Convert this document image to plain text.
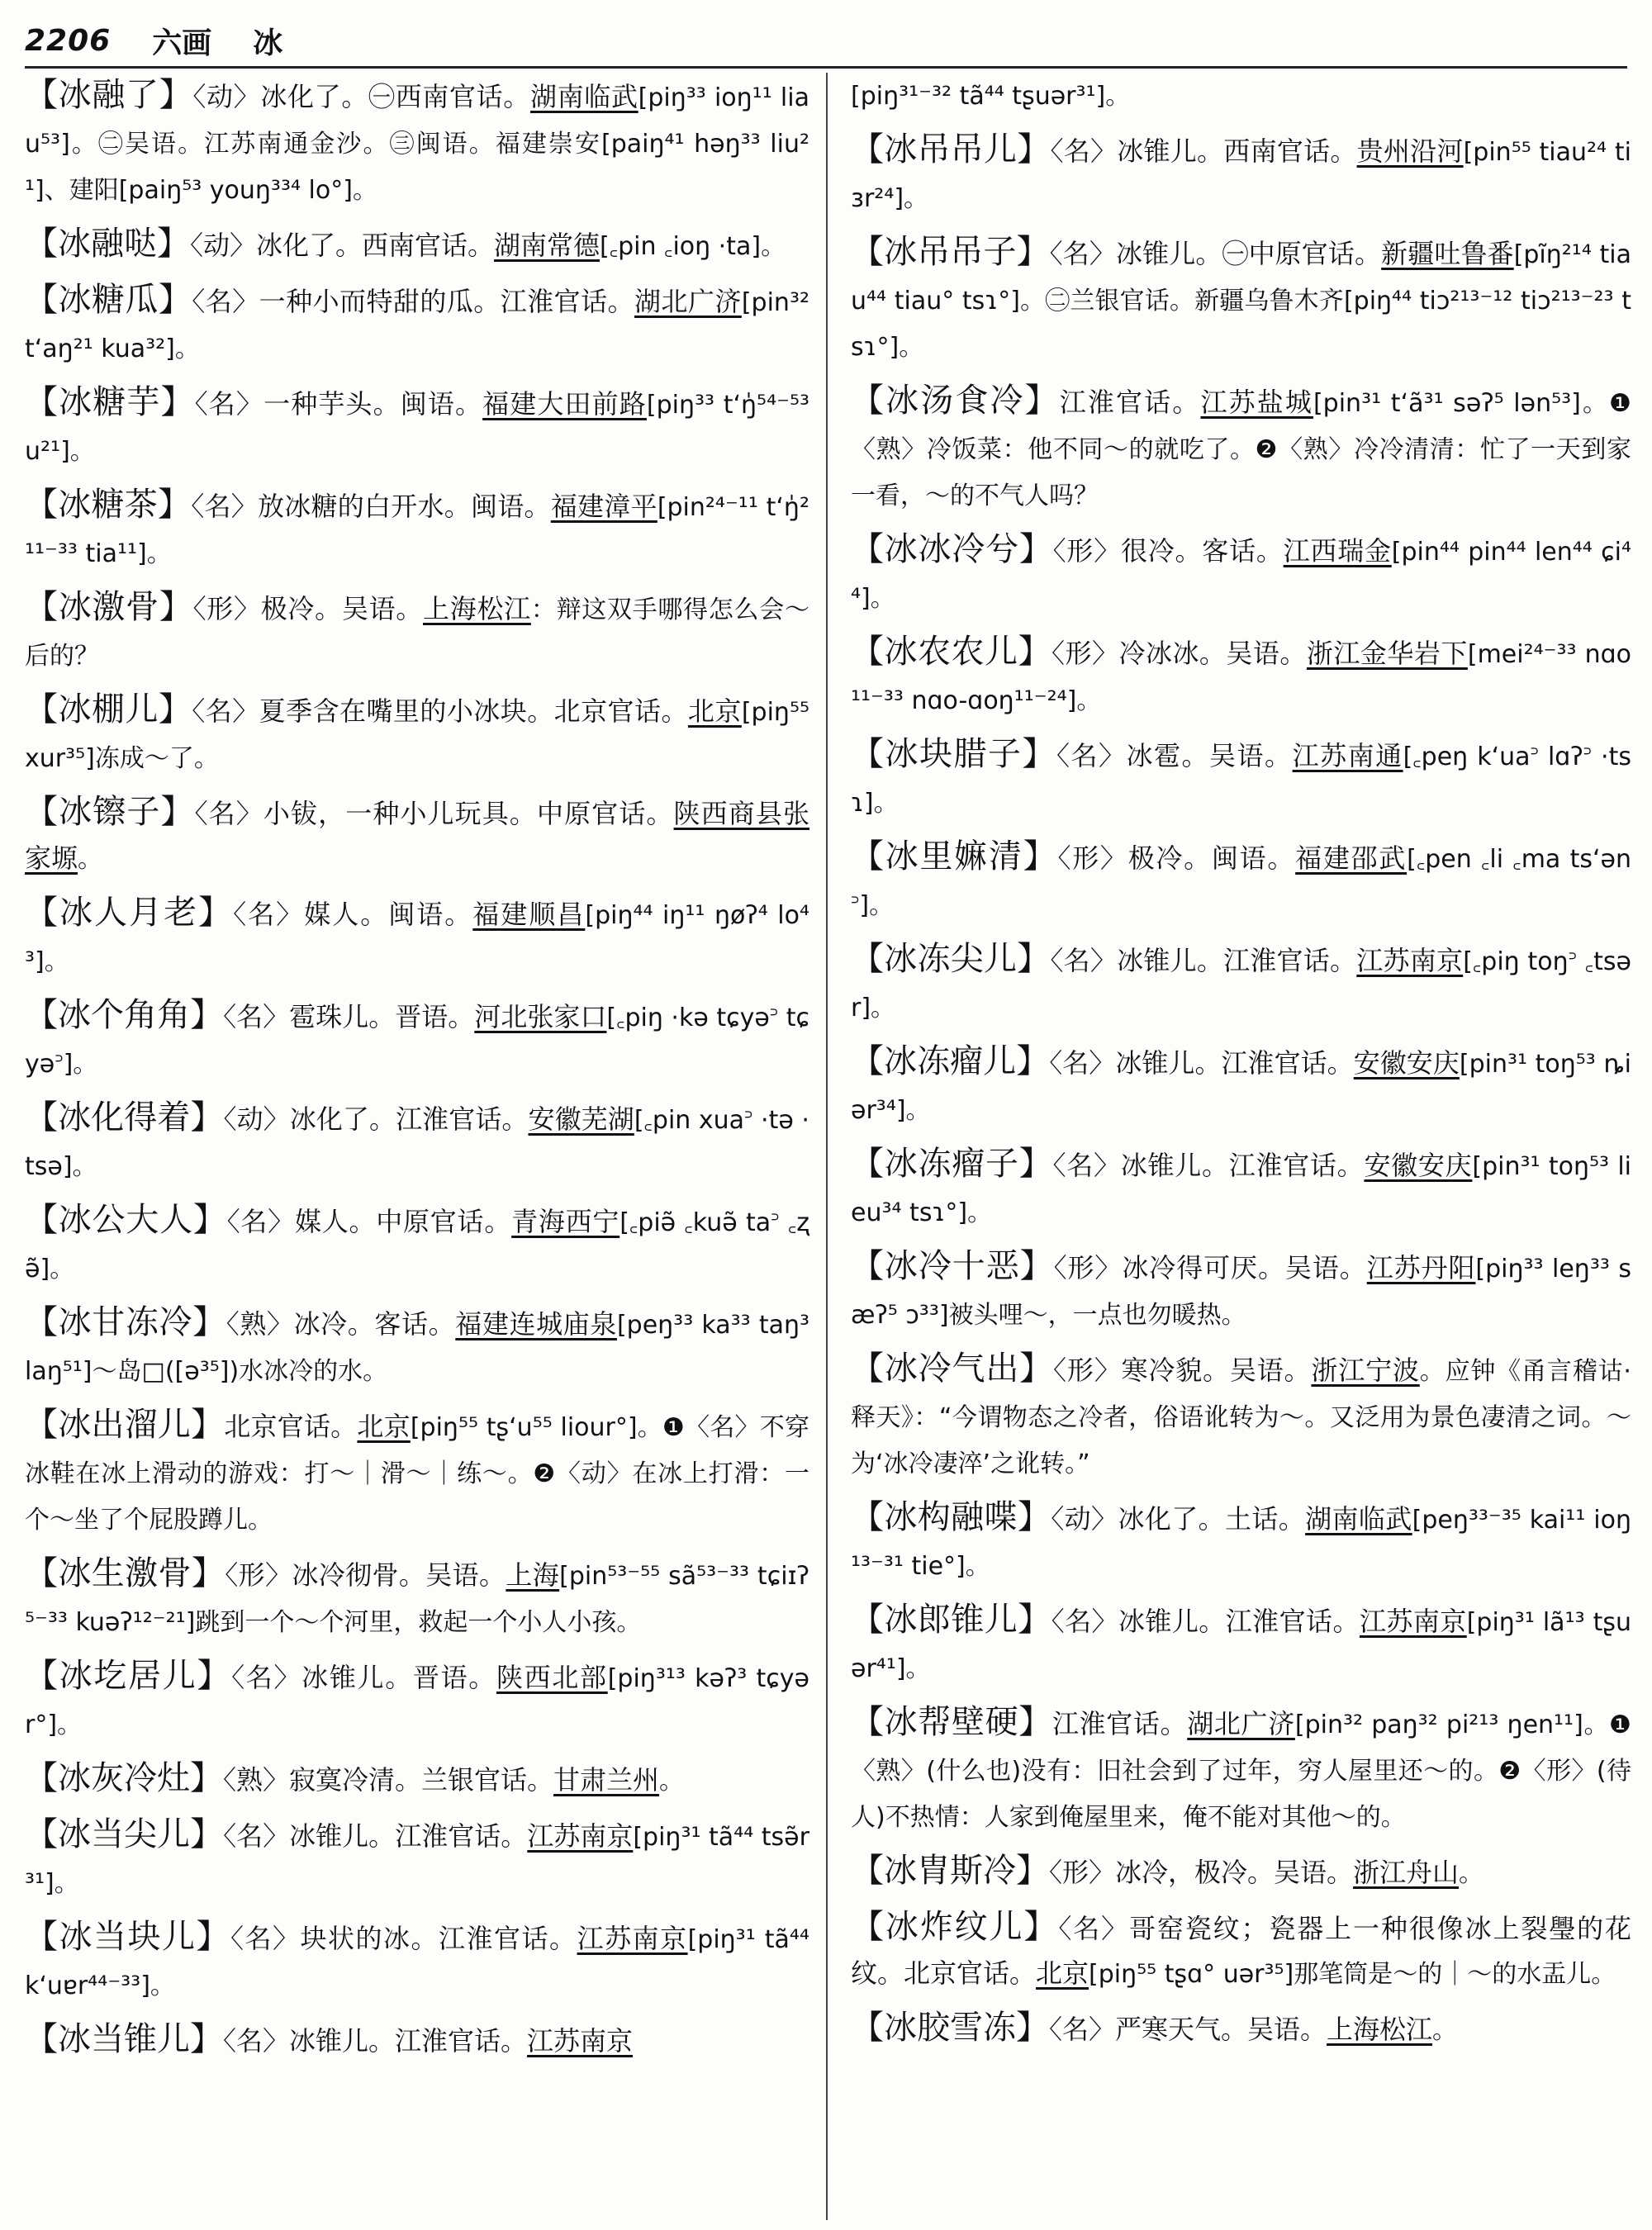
2206 六画 冰

【冰融了】〈动〉冰化了。㊀西南官话。湖南临武[piŋ³³ ioŋ¹¹ liau⁵³]。㊁吴语。江苏南通金沙。㊂闽语。福建崇安[paiŋ⁴¹ həŋ³³ liu²¹]、建阳[paiŋ⁵³ youŋ³³⁴ lo°]。

【冰融哒】〈动〉冰化了。西南官话。湖南常德[꜀pin ꜀ioŋ ·ta]。

【冰糖瓜】〈名〉一种小而特甜的瓜。江淮官话。湖北广济[pin³² t‘aŋ²¹ kua³²]。

【冰糖芋】〈名〉一种芋头。闽语。福建大田前路[piŋ³³ t‘ŋ̍⁵⁴⁻⁵³ u²¹]。

【冰糖茶】〈名〉放冰糖的白开水。闽语。福建漳平[pin²⁴⁻¹¹ t‘ŋ̍²¹¹⁻³³ tia¹¹]。

【冰激骨】〈形〉极冷。吴语。上海松江：辩这双手哪得怎么会～后的？

【冰棚儿】〈名〉夏季含在嘴里的小冰块。北京官话。北京[piŋ⁵⁵ xur³⁵]冻成～了。

【冰镲子】〈名〉小钹，一种小儿玩具。中原官话。陕西商县张家塬。

【冰人月老】〈名〉媒人。闽语。福建顺昌[piŋ⁴⁴ iŋ¹¹ ŋøʔ⁴ lo⁴³]。

【冰个角角】〈名〉雹珠儿。晋语。河北张家口[꜀piŋ ·kə tɕyə꜄ tɕyə꜄]。

【冰化得着】〈动〉冰化了。江淮官话。安徽芜湖[꜀pin xua꜄ ·tə ·tsə]。

【冰公大人】〈名〉媒人。中原官话。青海西宁[꜀piə̃ ꜀kuə̃ ta꜄ ꜀ʐə̃]。

【冰甘冻冷】〈熟〉冰冷。客话。福建连城庙泉[peŋ³³ ka³³ taŋ³ laŋ⁵¹]～岛□([ə³⁵])水冰冷的水。

【冰出溜儿】北京官话。北京[piŋ⁵⁵ tʂ‘u⁵⁵ liour°]。❶〈名〉不穿冰鞋在冰上滑动的游戏：打～｜滑～｜练～。❷〈动〉在冰上打滑：一个～坐了个屁股蹲儿。

【冰生激骨】〈形〉冰冷彻骨。吴语。上海[pin⁵³⁻⁵⁵ sã⁵³⁻³³ tɕiɪʔ⁵⁻³³ kuəʔ¹²⁻²¹]跳到一个～个河里，救起一个小人小孩。

【冰圪居儿】〈名〉冰锥儿。晋语。陕西北部[piŋ³¹³ kəʔ³ tɕyər°]。

【冰灰冷灶】〈熟〉寂寞冷清。兰银官话。甘肃兰州。

【冰当尖儿】〈名〉冰锥儿。江淮官话。江苏南京[piŋ³¹ tã⁴⁴ tsə̃r³¹]。

【冰当块儿】〈名〉块状的冰。江淮官话。江苏南京[piŋ³¹ tã⁴⁴ k‘uɐr⁴⁴⁻³³]。

【冰当锥儿】〈名〉冰锥儿。江淮官话。江苏南京

[piŋ³¹⁻³² tã⁴⁴ tʂuər³¹]。

【冰吊吊儿】〈名〉冰锥儿。西南官话。贵州沿河[pin⁵⁵ tiau²⁴ tiɜr²⁴]。

【冰吊吊子】〈名〉冰锥儿。㊀中原官话。新疆吐鲁番[pĩŋ²¹⁴ tiau⁴⁴ tiau° tsɿ°]。㊁兰银官话。新疆乌鲁木齐[piŋ⁴⁴ tiɔ²¹³⁻¹² tiɔ²¹³⁻²³ tsɿ°]。

【冰汤食冷】江淮官话。江苏盐城[pin³¹ t‘ã³¹ səʔ⁵ lən⁵³]。❶〈熟〉冷饭菜：他不同～的就吃了。❷〈熟〉冷冷清清：忙了一天到家一看，～的不气人吗？

【冰冰冷兮】〈形〉很冷。客话。江西瑞金[pin⁴⁴ pin⁴⁴ len⁴⁴ ɕi⁴⁴]。

【冰农农儿】〈形〉冷冰冰。吴语。浙江金华岩下[mei²⁴⁻³³ nɑo¹¹⁻³³ nɑo-ɑoŋ¹¹⁻²⁴]。

【冰块腊子】〈名〉冰雹。吴语。江苏南通[꜀peŋ k‘ua꜄ lɑʔ꜄ ·tsɿ]。

【冰里嫲清】〈形〉极冷。闽语。福建邵武[꜀pen ꜀li ꜀ma ts‘ən꜄]。

【冰冻尖儿】〈名〉冰锥儿。江淮官话。江苏南京[꜀piŋ toŋ꜄ ꜀tsər]。

【冰冻瘤儿】〈名〉冰锥儿。江淮官话。安徽安庆[pin³¹ toŋ⁵³ ȵiər³⁴]。

【冰冻瘤子】〈名〉冰锥儿。江淮官话。安徽安庆[pin³¹ toŋ⁵³ lieu³⁴ tsɿ°]。

【冰冷十恶】〈形〉冰冷得可厌。吴语。江苏丹阳[piŋ³³ leŋ³³ sæʔ⁵ ɔ³³]被头哩～，一点也勿暖热。

【冰冷气出】〈形〉寒冷貌。吴语。浙江宁波。应钟《甬言稽诂·释天》：“今谓物态之冷者，俗语讹转为～。又泛用为景色凄清之词。～为‘冰冷凄淬’之讹转。”

【冰构融喋】〈动〉冰化了。土话。湖南临武[peŋ³³⁻³⁵ kai¹¹ ioŋ¹³⁻³¹ tie°]。

【冰郎锥儿】〈名〉冰锥儿。江淮官话。江苏南京[piŋ³¹ lã¹³ tʂuər⁴¹]。

【冰帮壁硬】江淮官话。湖北广济[pin³² paŋ³² pi²¹³ ŋen¹¹]。❶〈熟〉(什么也)没有：旧社会到了过年，穷人屋里还～的。❷〈形〉(待人)不热情：人家到俺屋里来，俺不能对其他～的。

【冰胄斯冷】〈形〉冰冷，极冷。吴语。浙江舟山。

【冰炸纹儿】〈名〉哥窑瓷纹；瓷器上一种很像冰上裂璺的花纹。北京官话。北京[piŋ⁵⁵ tʂɑ° uər³⁵]那笔筒是～的｜～的水盂儿。

【冰胶雪冻】〈名〉严寒天气。吴语。上海松江。
